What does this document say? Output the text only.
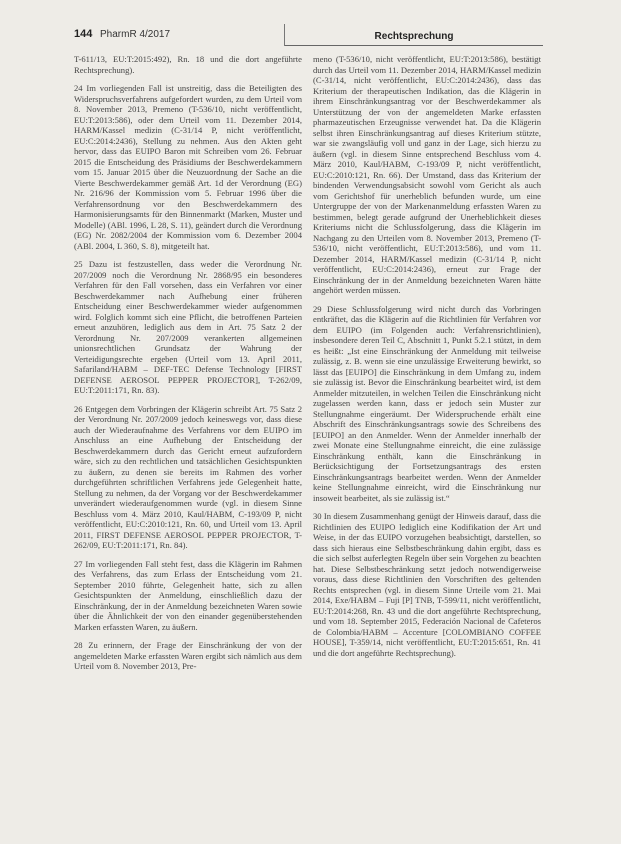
144 PharmR 4/2017	Rechtsprechung

T-611/13, EU:T:2015:492), Rn. 18 und die dort angeführte Rechtsprechung).

24 Im vorliegenden Fall ist unstreitig, dass die Beteiligten des Widerspruchsverfahrens aufgefordert wurden, zu dem Urteil vom 8. November 2013, Premeno (T-536/10, nicht veröffentlicht, EU:T:2013:586), oder dem Urteil vom 11. Dezember 2014, HARM/Kassel medizin (C-31/14 P, nicht veröffentlicht, EU:C:2014:2436), Stellung zu nehmen. Aus den Akten geht hervor, dass das EUIPO Baron mit Schreiben vom 26. Februar 2015 die Entscheidung des Präsidiums der Beschwerdekammern vom 15. Januar 2015 über die Neuzuordnung der Sache an die Vierte Beschwerdekammer gemäß Art. 1d der Verordnung (EG) Nr. 216/96 der Kommission vom 5. Februar 1996 über die Verfahrensordnung vor den Beschwerdekammern des Harmonisierungsamts für den Binnenmarkt (Marken, Muster und Modelle) (ABl. 1996, L 28, S. 11), geändert durch die Verordnung (EG) Nr. 2082/2004 der Kommission vom 6. Dezember 2004 (ABl. 2004, L 360, S. 8), mitgeteilt hat.

25 Dazu ist festzustellen, dass weder die Verordnung Nr. 207/2009 noch die Verordnung Nr. 2868/95 ein besonderes Verfahren für den Fall vorsehen, dass ein Verfahren vor einer Beschwerdekammer nach Aufhebung einer früheren Entscheidung einer Beschwerdekammer wieder aufgenommen wird. Folglich kommt sich eine Pflicht, die betroffenen Parteien erneut anzuhören, lediglich aus dem in Art. 75 Satz 2 der Verordnung Nr. 207/2009 verankerten allgemeinen unionsrechtlichen Grundsatz der Wahrung der Verteidigungsrechte ergeben (Urteil vom 13. April 2011, Safariland/HABM – DEF-TEC Defense Technology [FIRST DEFENSE AEROSOL PEPPER PROJECTOR], T-262/09, EU:T:2011:171, Rn. 83).

26 Entgegen dem Vorbringen der Klägerin schreibt Art. 75 Satz 2 der Verordnung Nr. 207/2009 jedoch keineswegs vor, dass diese auch der Wiederaufnahme des Verfahrens vor dem EUIPO im Anschluss an eine Aufhebung der Entscheidung der Beschwerdekammern durch das Gericht erneut aufzufordern wäre, sich zu den rechtlichen und tatsächlichen Gesichtspunkten zu äußern, zu denen sie bereits im Rahmen des vorher durchgeführten schriftlichen Verfahrens jede Gelegenheit hatte, Stellung zu nehmen, da der Vorgang vor der Beschwerdekammer unverändert wiederaufgenommen wurde (vgl. in diesem Sinne Beschluss vom 4. März 2010, Kaul/HABM, C-193/09 P, nicht veröffentlicht, EU:C:2010:121, Rn. 60, und Urteil vom 13. April 2011, FIRST DEFENSE AEROSOL PEPPER PROJECTOR, T-262/09, EU:T:2011:171, Rn. 84).

27 Im vorliegenden Fall steht fest, dass die Klägerin im Rahmen des Verfahrens, das zum Erlass der Entscheidung vom 21. September 2010 führte, Gelegenheit hatte, sich zu allen Gesichtspunkten der Anmeldung, einschließlich dazu der Einschränkung, der in der Anmeldung bezeichneten Waren sowie über die Ähnlichkeit der von den einander gegenüberstehenden Marken erfassten Waren, zu äußern.

28 Zu erinnern, der Frage der Einschränkung der von der angemeldeten Marke erfassten Waren ergibt sich nämlich aus dem Urteil vom 8. November 2013, Pre-

meno (T-536/10, nicht veröffentlicht, EU:T:2013:586), bestätigt durch das Urteil vom 11. Dezember 2014, HARM/Kassel medizin (C-31/14, nicht veröffentlicht, EU:C:2014:2436), dass das Kriterium der therapeutischen Indikation, das die Klägerin in ihrem Einschränkungsantrag vor der Beschwerdekammer als Unterstützung der von der angemeldeten Marke erfassten pharmazeutischen Erzeugnisse verwendet hat. Da die Klägerin selbst ihren Einschränkungsantrag auf dieses Kriterium stützte, war sie zwangsläufig voll und ganz in der Lage, sich hierzu zu äußern (vgl. in diesem Sinne entsprechend Beschluss vom 4. März 2010, Kaul/HABM, C-193/09 P, nicht veröffentlicht, EU:C:2010:121, Rn. 66). Der Umstand, dass das Kriterium der bindenden Verwendungsabsicht sowohl vom Gericht als auch vom Gerichtshof für unerheblich befunden wurde, um eine Untergruppe der von der Markenanmeldung erfassten Waren zu bestimmen, belegt gerade aufgrund der Unerheblichkeit dieses Kriteriums nicht die Schlussfolgerung, dass die Klägerin im Nachgang zu den Urteilen vom 8. November 2013, Premeno (T-536/10, nicht veröffentlicht, EU:T:2013:586), und vom 11. Dezember 2014, HARM/Kassel medizin (C-31/14 P, nicht veröffentlicht, EU:C:2014:2436), erneut zur Frage der Einschränkung der in der Anmeldung bezeichneten Waren hätte angehört werden müssen.

29 Diese Schlussfolgerung wird nicht durch das Vorbringen entkräftet, das die Klägerin auf die Richtlinien für Verfahren vor dem EUIPO (im Folgenden auch: Verfahrensrichtlinien), insbesondere deren Teil C, Abschnitt 1, Punkt 5.2.1 stützt, in dem es heißt: „Ist eine Einschränkung der Anmeldung mit teilweise zulässig, z. B. wenn sie eine unzulässige Erweiterung bewirkt, so lässt das [EUIPO] die Einschränkung in dem Umfang zu, indem sie zulässig ist. Bevor die Einschränkung bearbeitet wird, ist dem Anmelder mitzuteilen, in welchen Teilen die Einschränkung nicht zugelassen werden kann, dass er jedoch sein Muster zur Stellungnahme eingeräumt. Der Widerspruchende erhält eine Abschrift des Einschränkungsantrags sowie des Schreibens des [EUIPO] an den Anmelder. Wenn der Anmelder innerhalb der zwei Monate eine Stellungnahme einreicht, die eine zulässige Einschränkung enthält, kann die Einschränkung in Berücksichtigung der Fortsetzungsantrags des ersten Einschränkungsantrags bearbeitet werden. Wenn der Anmelder keine Stellungnahme einreicht, wird die Einschränkung nur insoweit bearbeitet, als sie zulässig ist.“

30 In diesem Zusammenhang genügt der Hinweis darauf, dass die Richtlinien des EUIPO lediglich eine Kodifikation der Art und Weise, in der das EUIPO vorzugehen beabsichtigt, darstellen, so dass sich hieraus eine Selbstbeschränkung dahin ergibt, dass es die sich selbst auferlegten Regeln über sein Vorgehen zu beachten hat. Diese Selbstbeschränkung setzt jedoch notwendigerweise voraus, dass diese Richtlinien den Vorschriften des geltenden Rechts entsprechen (vgl. in diesem Sinne Urteile vom 21. Mai 2014, Exe/HABM – Fuji [P] TNB, T-599/11, nicht veröffentlicht, EU:T:2014:268, Rn. 43 und die dort angeführte Rechtsprechung, und vom 18. September 2015, Federación Nacional de Cafeteros de Colombia/HABM – Accenture [COLOMBIANO COFFEE HOUSE], T-359/14, nicht veröffentlicht, EU:T:2015:651, Rn. 41 und die dort angeführte Rechtsprechung).
